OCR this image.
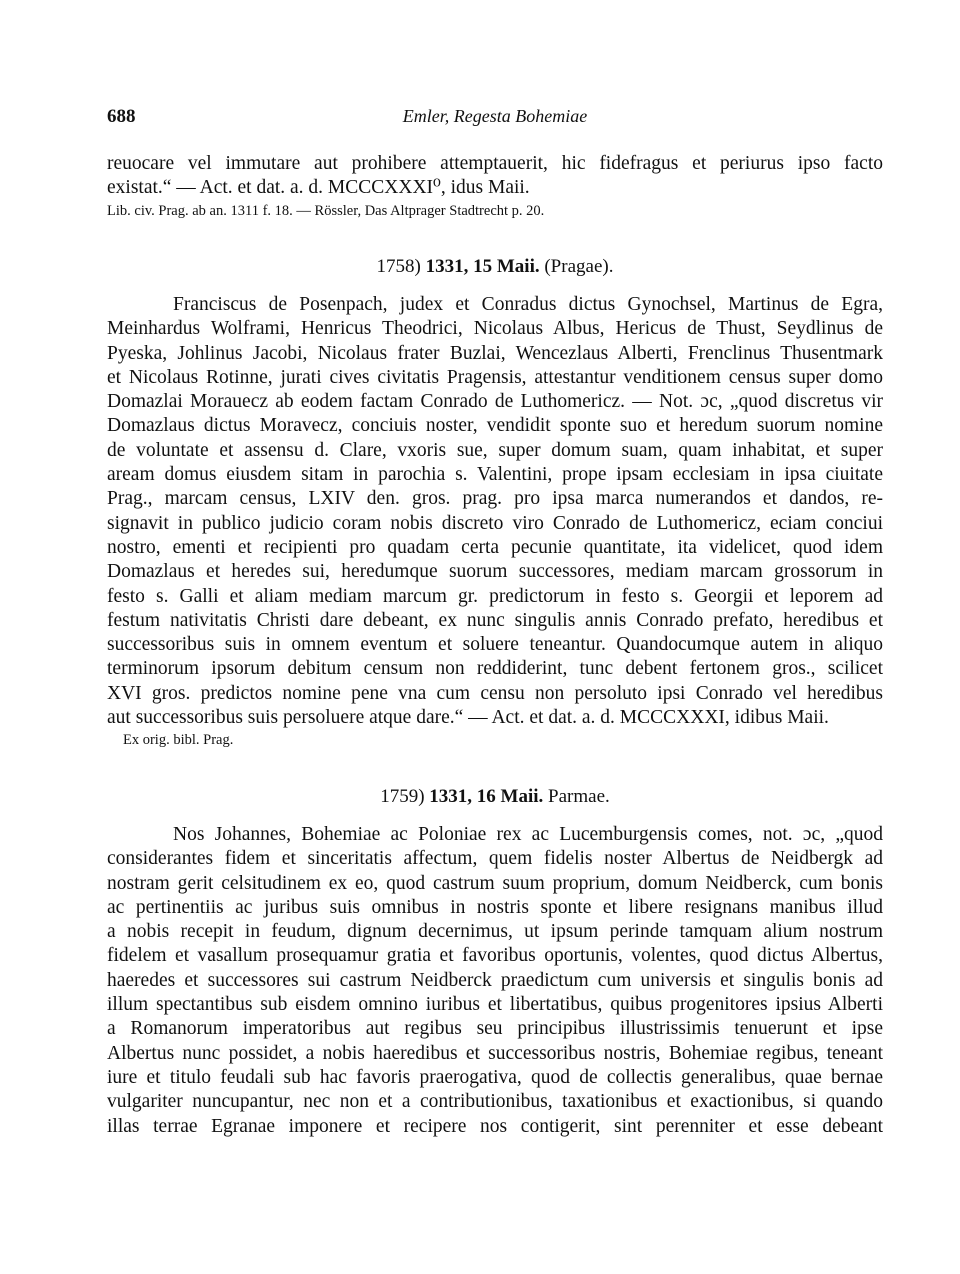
688	Emler, Regesta Bohemiae
reuocare vel immutare aut prohibere attemptauerit, hic fidefragus et periurus ipso facto
existat.“ — Act. et dat. a. d. MCCCXXXI⁰, idus Maii.
Lib. civ. Prag. ab an. 1311 f. 18. — Rössler, Das Altprager Stadtrecht p. 20.
1758) 1331, 15 Maii. (Pragae).
Franciscus de Posenpach, judex et Conradus dictus Gynochsel, Martinus de Egra,
Meinhardus Wolframi, Henricus Theodrici, Nicolaus Albus, Hericus de Thust, Seydlinus de
Pyeska, Johlinus Jacobi, Nicolaus frater Buzlai, Wencezlaus Alberti, Frenclinus Thusentmark
et Nicolaus Rotinne, jurati cives civitatis Pragensis, attestantur venditionem census super domo
Domazlai Morauecz ab eodem factam Conrado de Luthomericz. — Not. ɔc, „quod discretus vir
Domazlaus dictus Moravecz, conciuis noster, vendidit sponte suo et heredum suorum nomine
de voluntate et assensu d. Clare, vxoris sue, super domum suam, quam inhabitat, et super
aream domus eiusdem sitam in parochia s. Valentini, prope ipsam ecclesiam in ipsa ciuitate
Prag., marcam census, LXIV den. gros. prag. pro ipsa marca numerandos et dandos, re-
signavit in publico judicio coram nobis discreto viro Conrado de Luthomericz, eciam conciui
nostro, ementi et recipienti pro quadam certa pecunie quantitate, ita videlicet, quod idem
Domazlaus et heredes sui, heredumque suorum successores, mediam marcam grossorum in
festo s. Galli et aliam mediam marcum gr. predictorum in festo s. Georgii et leporem ad
festum nativitatis Christi dare debeant, ex nunc singulis annis Conrado prefato, heredibus et
successoribus suis in omnem eventum et soluere teneantur. Quandocumque autem in aliquo
terminorum ipsorum debitum censum non reddiderint, tunc debent fertonem gros., scilicet
XVI gros. predictos nomine pene vna cum censu non persoluto ipsi Conrado vel heredibus
aut successoribus suis persoluere atque dare.“ — Act. et dat. a. d. MCCCXXXI, idibus Maii.
Ex orig. bibl. Prag.
1759) 1331, 16 Maii. Parmae.
Nos Johannes, Bohemiae ac Poloniae rex ac Lucemburgensis comes, not. ɔc, „quod
considerantes fidem et sinceritatis affectum, quem fidelis noster Albertus de Neidbergk ad
nostram gerit celsitudinem ex eo, quod castrum suum proprium, domum Neidberck, cum bonis
ac pertinentiis ac juribus suis omnibus in nostris sponte et libere resignans manibus illud
a nobis recepit in feudum, dignum decernimus, ut ipsum perinde tamquam alium nostrum
fidelem et vasallum prosequamur gratia et favoribus oportunis, volentes, quod dictus Albertus,
haeredes et successores sui castrum Neidberck praedictum cum universis et singulis bonis ad
illum spectantibus sub eisdem omnino iuribus et libertatibus, quibus progenitores ipsius Alberti
a Romanorum imperatoribus aut regibus seu principibus illustrissimis tenuerunt et ipse
Albertus nunc possidet, a nobis haeredibus et successoribus nostris, Bohemiae regibus, teneant
iure et titulo feudali sub hac favoris praerogativa, quod de collectis generalibus, quae bernae
vulgariter nuncupantur, nec non et a contributionibus, taxationibus et exactionibus, si quando
illas terrae Egranae imponere et recipere nos contigerit, sint perenniter et esse debeant
